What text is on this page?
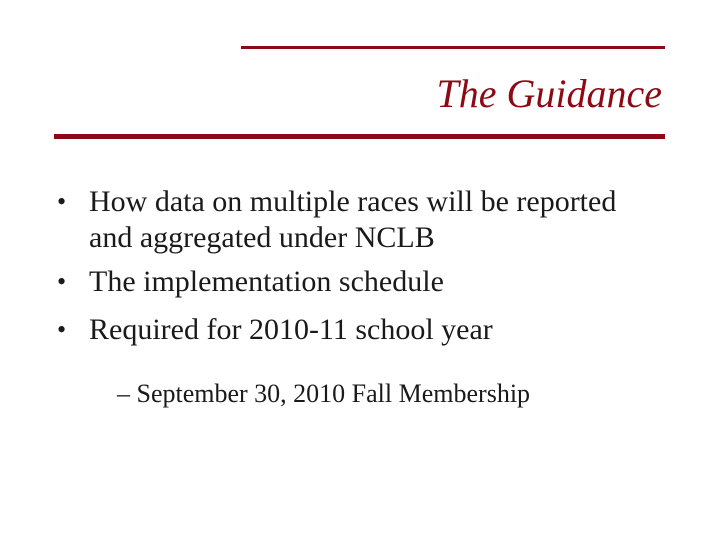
The Guidance
• How data on multiple races will be reported and aggregated under NCLB
• The implementation schedule
• Required for 2010-11 school year
– September 30, 2010 Fall Membership
